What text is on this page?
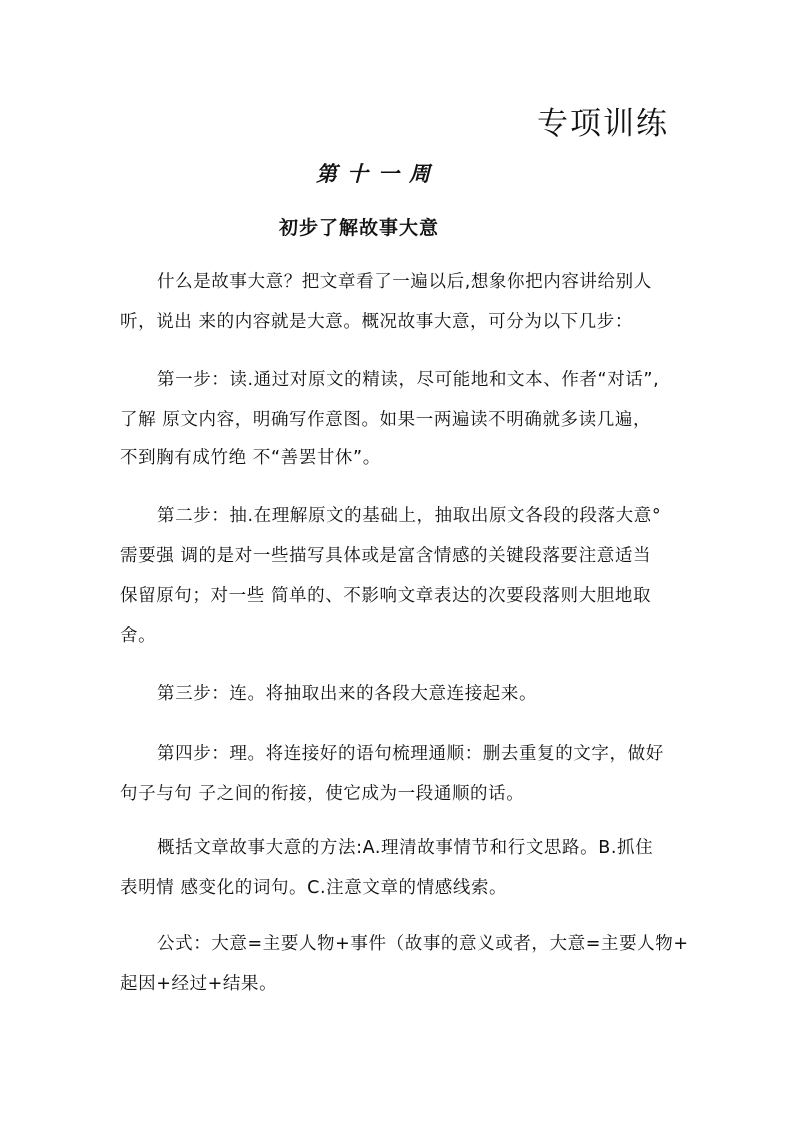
专项训练
第十一周
初步了解故事大意
什么是故事大意？把文章看了一遍以后,想象你把内容讲给别人
听，说出 来的内容就是大意。概况故事大意，可分为以下几步：
第一步：读.通过对原文的精读，尽可能地和文本、作者“对话”,
了解 原文内容，明确写作意图。如果一两遍读不明确就多读几遍，
不到胸有成竹绝 不“善罢甘休”。
第二步：抽.在理解原文的基础上，抽取出原文各段的段落大意°
需要强 调的是对一些描写具体或是富含情感的关键段落要注意适当
保留原句；对一些 简单的、不影响文章表达的次要段落则大胆地取
舍。
第三步：连。将抽取出来的各段大意连接起来。
第四步：理。将连接好的语句梳理通顺：删去重复的文字，做好
句子与句 子之间的衔接，使它成为一段通顺的话。
概括文章故事大意的方法:A.理清故事情节和行文思路。B.抓住
表明情 感变化的词句。C.注意文章的情感线索。
公式：大意=主要人物+事件（故事的意义或者，大意=主要人物+
起因+经过+结果。
